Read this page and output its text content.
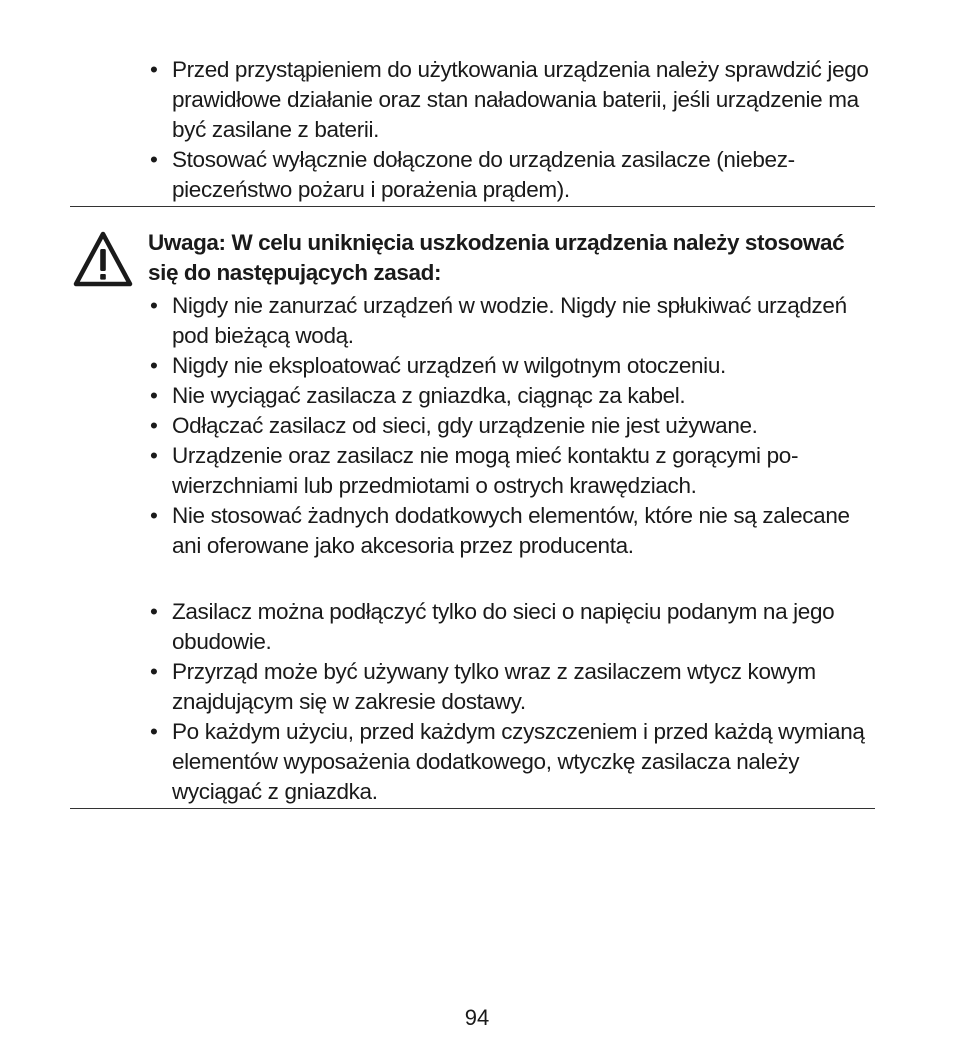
• Przed przystąpieniem do użytkowania urządzenia należy sprawdzić jego prawidłowe działanie oraz stan naładowania baterii, jeśli urządzenie ma być zasilane z baterii.
• Stosować wyłącznie dołączone do urządzenia zasilacze (niebezpieczeństwo pożaru i porażenia prądem).
Uwaga: W celu uniknięcia uszkodzenia urządzenia należy stosować się do następujących zasad:
• Nigdy nie zanurzać urządzeń w wodzie. Nigdy nie spłukiwać urządzeń pod bieżącą wodą.
• Nigdy nie eksploatować urządzeń w wilgotnym otoczeniu.
• Nie wyciągać zasilacza z gniazdka, ciągnąc za kabel.
• Odłączać zasilacz od sieci, gdy urządzenie nie jest używane.
• Urządzenie oraz zasilacz nie mogą mieć kontaktu z gorącymi powierzchniami lub przedmiotami o ostrych krawędziach.
• Nie stosować żadnych dodatkowych elementów, które nie są zalecane ani oferowane jako akcesoria przez producenta.
• Zasilacz można podłączyć tylko do sieci o napięciu podanym na jego obudowie.
• Przyrząd może być używany tylko wraz z zasilaczem wtycz kowym znajdującym się w zakresie dostawy.
• Po każdym użyciu, przed każdym czyszczeniem i przed każdą wymianą elementów wyposażenia dodatkowego, wtyczkę zasilacza należy wyciągać z gniazdka.
94
